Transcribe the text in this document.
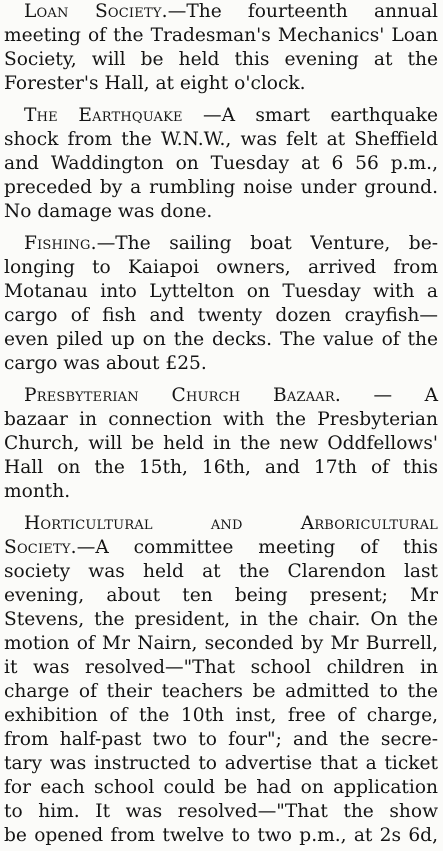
Loan Society.—The fourteenth annual
meeting of the Tradesman's Mechanics' Loan
Society, will be held this evening at the
Forester's Hall, at eight o'clock.
The Earthquake —A smart earthquake
shock from the W.N.W., was felt at Sheffield
and Waddington on Tuesday at 6 56 p.m.,
preceded by a rumbling noise under ground.
No damage was done.
Fishing.—The sailing boat Venture, be-
longing to Kaiapoi owners, arrived from
Motanau into Lyttelton on Tuesday with a
cargo of fish and twenty dozen crayfish—
even piled up on the decks. The value of the
cargo was about £25.
Presbyterian Church Bazaar. — A
bazaar in connection with the Presbyterian
Church, will be held in the new Oddfellows'
Hall on the 15th, 16th, and 17th of this
month.
Horticultural and Arboricultural
Society.—A committee meeting of this
society was held at the Clarendon last
evening, about ten being present; Mr
Stevens, the president, in the chair. On the
motion of Mr Nairn, seconded by Mr Burrell,
it was resolved—"That school children in
charge of their teachers be admitted to the
exhibition of the 10th inst, free of charge,
from half-past two to four"; and the secre-
tary was instructed to advertise that a ticket
for each school could be had on application
to him. It was resolved—"That the show
be opened from twelve to two p.m., at 2s 6d,
